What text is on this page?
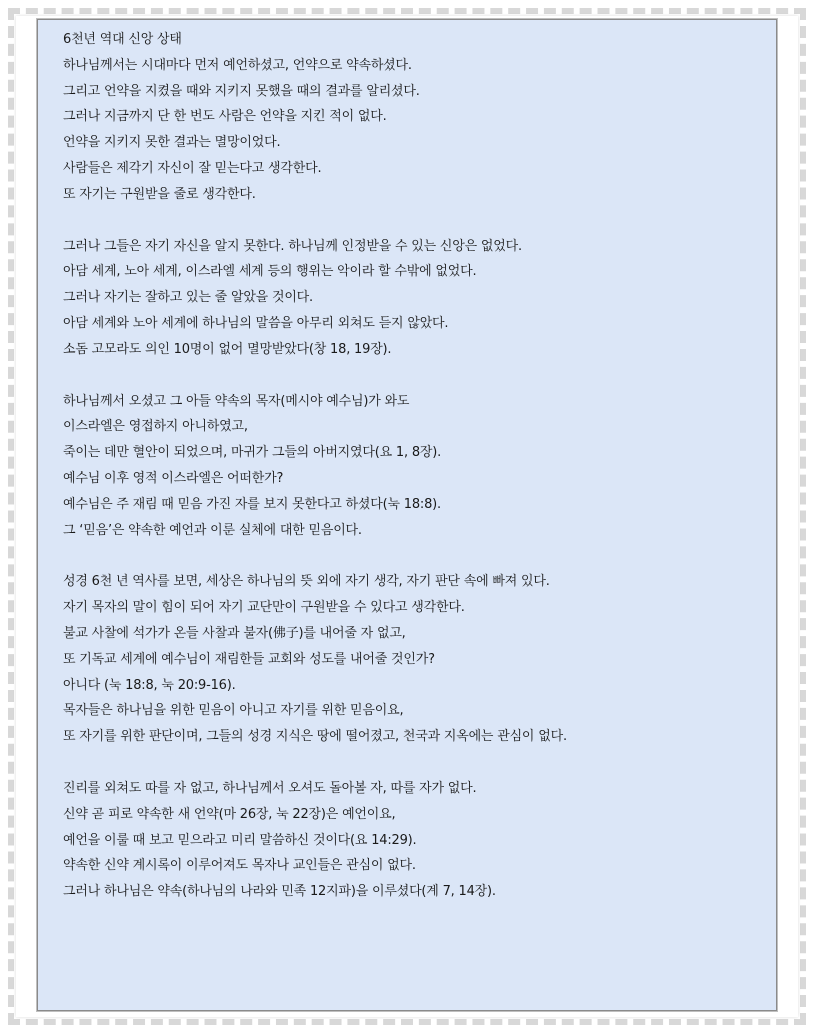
6천년 역대 신앙 상태
하나님께서는 시대마다 먼저 예언하셨고, 언약으로 약속하셨다.
그리고 언약을 지켰을 때와 지키지 못했을 때의 결과를 알리셨다.
그러나 지금까지 단 한 번도 사람은 언약을 지킨 적이 없다.
언약을 지키지 못한 결과는 멸망이었다.
사람들은 제각기 자신이 잘 믿는다고 생각한다.
또 자기는 구원받을 줄로 생각한다.
그러나 그들은 자기 자신을 알지 못한다. 하나님께 인정받을 수 있는 신앙은 없었다.
아담 세계, 노아 세계, 이스라엘 세계 등의 행위는 악이라 할 수밖에 없었다.
그러나 자기는 잘하고 있는 줄 알았을 것이다.
아담 세계와 노아 세계에 하나님의 말씀을 아무리 외쳐도 듣지 않았다.
소돔 고모라도 의인 10명이 없어 멸망받았다(창 18, 19장).
하나님께서 오셨고 그 아들 약속의 목자(메시야 예수님)가 와도
이스라엘은 영접하지 아니하였고,
죽이는 데만 혈안이 되었으며, 마귀가 그들의 아버지였다(요 1, 8장).
예수님 이후 영적 이스라엘은 어떠한가?
예수님은 주 재림 때 믿음 가진 자를 보지 못한다고 하셨다(눅 18:8).
그 ‘믿음’은 약속한 예언과 이룬 실체에 대한 믿음이다.
성경 6천 년 역사를 보면, 세상은 하나님의 뜻 외에 자기 생각, 자기 판단 속에 빠져 있다.
자기 목자의 말이 힘이 되어 자기 교단만이 구원받을 수 있다고 생각한다.
불교 사찰에 석가가 온들 사찰과 불자(佛子)를 내어줄 자 없고,
또 기독교 세계에 예수님이 재림한들 교회와 성도를 내어줄 것인가?
아니다 (눅 18:8, 눅 20:9-16).
목자들은 하나님을 위한 믿음이 아니고 자기를 위한 믿음이요,
또 자기를 위한 판단이며, 그들의 성경 지식은 땅에 떨어졌고, 천국과 지옥에는 관심이 없다.
진리를 외쳐도 따를 자 없고, 하나님께서 오셔도 돌아볼 자, 따를 자가 없다.
신약 곧 피로 약속한 새 언약(마 26장, 눅 22장)은 예언이요,
예언을 이룰 때 보고 믿으라고 미리 말씀하신 것이다(요 14:29).
약속한 신약 계시록이 이루어져도 목자나 교인들은 관심이 없다.
그러나 하나님은 약속(하나님의 나라와 민족 12지파)을 이루셨다(계 7, 14장).
